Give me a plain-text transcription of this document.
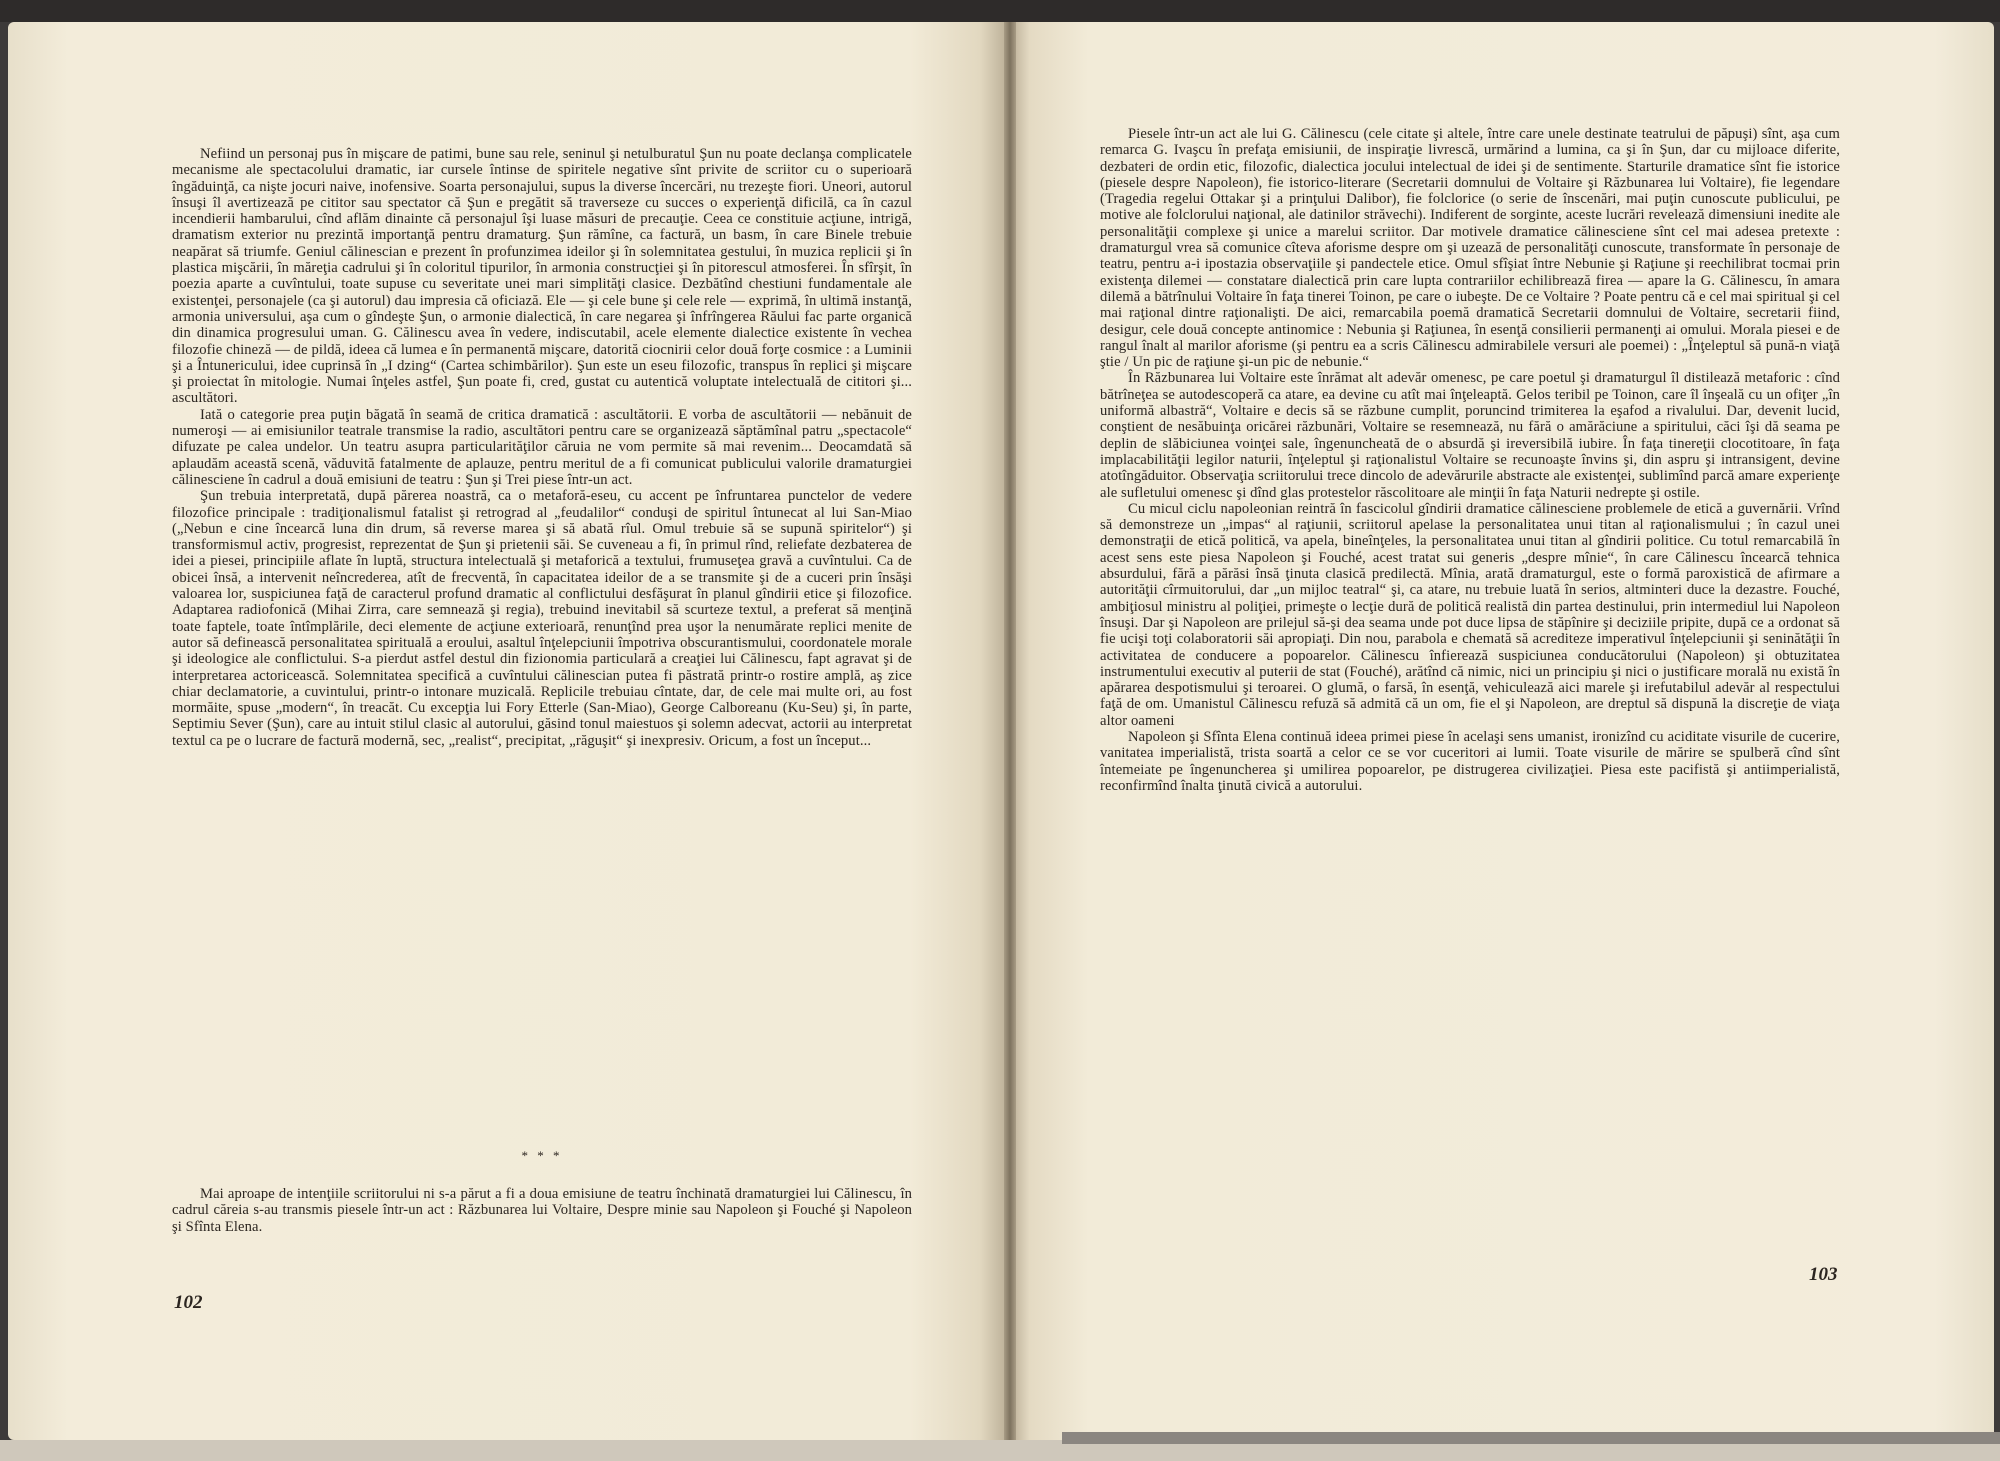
Nefiind un personaj pus în mişcare de patimi, bune sau rele, seninul şi netulburatul Şun nu poate declanşa complicatele mecanisme ale spectacolului dramatic, iar cursele întinse de spiritele negative sînt privite de scriitor cu o superioară îngăduinţă, ca nişte jocuri naive, inofensive. Soarta personajului, supus la diverse încercări, nu trezeşte fiori. Uneori, autorul însuşi îl avertizează pe cititor sau spectator că Şun e pregătit să traverseze cu succes o experienţă dificilă, ca în cazul incendierii hambarului, cînd aflăm dinainte că personajul îşi luase măsuri de precauţie. Ceea ce constituie acţiune, intrigă, dramatism exterior nu prezintă importanţă pentru dramaturg. Şun rămîne, ca factură, un basm, în care Binele trebuie neapărat să triumfe. Geniul călinescian e prezent în profunzimea ideilor şi în solemnitatea gestului, în muzica replicii şi în plastica mişcării, în măreţia cadrului şi în coloritul tipurilor, în armonia construcţiei şi în pitorescul atmosferei. În sfîrşit, în poezia aparte a cuvîntului, toate supuse cu severitate unei mari simplităţi clasice. Dezbătînd chestiuni fundamentale ale existenţei, personajele (ca şi autorul) dau impresia că oficiază. Ele — şi cele bune şi cele rele — exprimă, în ultimă instanţă, armonia universului, aşa cum o gîndeşte Şun, o armonie dialectică, în care negarea şi înfrîngerea Răului fac parte organică din dinamica progresului uman. G. Călinescu avea în vedere, indiscutabil, acele elemente dialectice existente în vechea filozofie chineză — de pildă, ideea că lumea e în permanentă mişcare, datorită ciocnirii celor două forţe cosmice : a Luminii şi a Întunericului, idee cuprinsă în „I dzing“ (Cartea schimbărilor). Şun este un eseu filozofic, transpus în replici şi mişcare şi proiectat în mitologie. Numai înţeles astfel, Şun poate fi, cred, gustat cu autentică voluptate intelectuală de cititori şi... ascultători.

Iată o categorie prea puţin băgată în seamă de critica dramatică : ascultătorii. E vorba de ascultătorii — nebănuit de numeroşi — ai emisiunilor teatrale transmise la radio, ascultători pentru care se organizează săptămînal patru „spectacole“ difuzate pe calea undelor. Un teatru asupra particularităţilor căruia ne vom permite să mai revenim... Deocamdată să aplaudăm această scenă, văduvită fatalmente de aplauze, pentru meritul de a fi comunicat publicului valorile dramaturgiei călinesciene în cadrul a două emisiuni de teatru : Şun şi Trei piese într-un act.

Şun trebuia interpretată, după părerea noastră, ca o metaforă-eseu, cu accent pe înfruntarea punctelor de vedere filozofice principale : tradiţionalismul fatalist şi retrograd al „feudalilor“ conduşi de spiritul întunecat al lui San-Miao („Nebun e cine încearcă luna din drum, să reverse marea şi să abată rîul. Omul trebuie să se supună spiritelor“) şi transformismul activ, progresist, reprezentat de Şun şi prietenii săi. Se cuveneau a fi, în primul rînd, reliefate dezbaterea de idei a piesei, principiile aflate în luptă, structura intelectuală şi metaforică a textului, frumuseţea gravă a cuvîntului. Ca de obicei însă, a intervenit neîncrederea, atît de frecventă, în capacitatea ideilor de a se transmite şi de a cuceri prin însăşi valoarea lor, suspiciunea faţă de caracterul profund dramatic al conflictului desfăşurat în planul gîndirii etice şi filozofice. Adaptarea radiofonică (Mihai Zirra, care semnează şi regia), trebuind inevitabil să scurteze textul, a preferat să menţină toate faptele, toate întîmplările, deci elemente de acţiune exterioară, renunţînd prea uşor la nenumărate replici menite de autor să definească personalitatea spirituală a eroului, asaltul înţelepciunii împotriva obscurantismului, coordonatele morale şi ideologice ale conflictului. S-a pierdut astfel destul din fizionomia particulară a creaţiei lui Călinescu, fapt agravat şi de interpretarea actoricească. Solemnitatea specifică a cuvîntului călinescian putea fi păstrată printr-o rostire amplă, aş zice chiar declamatorie, a cuvintului, printr-o intonare muzicală. Replicile trebuiau cîntate, dar, de cele mai multe ori, au fost mormăite, spuse „modern“, în treacăt. Cu excepţia lui Fory Etterle (San-Miao), George Calboreanu (Ku-Seu) şi, în parte, Septimiu Sever (Şun), care au intuit stilul clasic al autorului, găsind tonul maiestuos şi solemn adecvat, actorii au interpretat textul ca pe o lucrare de factură modernă, sec, „realist“, precipitat, „răguşit“ şi inexpresiv. Oricum, a fost un început...

* * *

Mai aproape de intenţiile scriitorului ni s-a părut a fi a doua emisiune de teatru închinată dramaturgiei lui Călinescu, în cadrul căreia s-au transmis piesele într-un act : Răzbunarea lui Voltaire, Despre minie sau Napoleon şi Fouché şi Napoleon şi Sfînta Elena.

102

Piesele într-un act ale lui G. Călinescu (cele citate şi altele, între care unele destinate teatrului de păpuşi) sînt, aşa cum remarca G. Ivaşcu în prefaţa emisiunii, de inspiraţie livrescă, urmărind a lumina, ca şi în Şun, dar cu mijloace diferite, dezbateri de ordin etic, filozofic, dialectica jocului intelectual de idei şi de sentimente. Starturile dramatice sînt fie istorice (piesele despre Napoleon), fie istorico-literare (Secretarii domnului de Voltaire şi Răzbunarea lui Voltaire), fie legendare (Tragedia regelui Ottakar şi a prinţului Dalibor), fie folclorice (o serie de înscenări, mai puţin cunoscute publicului, pe motive ale folclorului naţional, ale datinilor străvechi). Indiferent de sorginte, aceste lucrări revelează dimensiuni inedite ale personalităţii complexe şi unice a marelui scriitor. Dar motivele dramatice călinesciene sînt cel mai adesea pretexte : dramaturgul vrea să comunice cîteva aforisme despre om şi uzează de personalităţi cunoscute, transformate în personaje de teatru, pentru a-i ipostazia observaţiile şi pandectele etice. Omul sfîşiat între Nebunie şi Raţiune şi reechilibrat tocmai prin existenţa dilemei — constatare dialectică prin care lupta contrariilor echilibrează firea — apare la G. Călinescu, în amara dilemă a bătrînului Voltaire în faţa tinerei Toinon, pe care o iubeşte. De ce Voltaire ? Poate pentru că e cel mai spiritual şi cel mai raţional dintre raţionalişti. De aici, remarcabila poemă dramatică Secretarii domnului de Voltaire, secretarii fiind, desigur, cele două concepte antinomice : Nebunia şi Raţiunea, în esenţă consilierii permanenţi ai omului. Morala piesei e de rangul înalt al marilor aforisme (şi pentru ea a scris Călinescu admirabilele versuri ale poemei) : „Înţeleptul să pună-n viaţă ştie / Un pic de raţiune şi-un pic de nebunie.“

În Răzbunarea lui Voltaire este înrămat alt adevăr omenesc, pe care poetul şi dramaturgul îl distilează metaforic : cînd bătrîneţea se autodescoperă ca atare, ea devine cu atît mai înţeleaptă. Gelos teribil pe Toinon, care îl înşeală cu un ofiţer „în uniformă albastră“, Voltaire e decis să se răzbune cumplit, poruncind trimiterea la eşafod a rivalului. Dar, devenit lucid, conştient de nesăbuinţa oricărei răzbunări, Voltaire se resemnează, nu fără o amărăciune a spiritului, căci îşi dă seama pe deplin de slăbiciunea voinţei sale, îngenuncheată de o absurdă şi ireversibilă iubire. În faţa tinereţii clocotitoare, în faţa implacabilităţii legilor naturii, înţeleptul şi raţionalistul Voltaire se recunoaşte învins şi, din aspru şi intransigent, devine atotîngăduitor. Observaţia scriitorului trece dincolo de adevărurile abstracte ale existenţei, sublimînd parcă amare experienţe ale sufletului omenesc şi dînd glas protestelor răscolitoare ale minţii în faţa Naturii nedrepte şi ostile.

Cu micul ciclu napoleonian reintră în fascicolul gîndirii dramatice călinesciene problemele de etică a guvernării. Vrînd să demonstreze un „impas“ al raţiunii, scriitorul apelase la personalitatea unui titan al raţionalismului ; în cazul unei demonstraţii de etică politică, va apela, bineînţeles, la personalitatea unui titan al gîndirii politice. Cu totul remarcabilă în acest sens este piesa Napoleon şi Fouché, acest tratat sui generis „despre mînie“, în care Călinescu încearcă tehnica absurdului, fără a părăsi însă ţinuta clasică predilectă. Mînia, arată dramaturgul, este o formă paroxistică de afirmare a autorităţii cîrmuitorului, dar „un mijloc teatral“ şi, ca atare, nu trebuie luată în serios, altminteri duce la dezastre. Fouché, ambiţiosul ministru al poliţiei, primeşte o lecţie dură de politică realistă din partea destinului, prin intermediul lui Napoleon însuşi. Dar şi Napoleon are prilejul să-şi dea seama unde pot duce lipsa de stăpînire şi deciziile pripite, după ce a ordonat să fie ucişi toţi colaboratorii săi apropiaţi. Din nou, parabola e chemată să acrediteze imperativul înţelepciunii şi seninătăţii în activitatea de conducere a popoarelor. Călinescu înfierează suspiciunea conducătorului (Napoleon) şi obtuzitatea instrumentului executiv al puterii de stat (Fouché), arătînd că nimic, nici un principiu şi nici o justificare morală nu există în apărarea despotismului şi teroarei. O glumă, o farsă, în esenţă, vehiculează aici marele şi irefutabilul adevăr al respectului faţă de om. Umanistul Călinescu refuză să admită că un om, fie el şi Napoleon, are dreptul să dispună la discreţie de viaţa altor oameni

Napoleon şi Sfînta Elena continuă ideea primei piese în acelaşi sens umanist, ironizînd cu aciditate visurile de cucerire, vanitatea imperialistă, trista soartă a celor ce se vor cuceritori ai lumii. Toate visurile de mărire se spulberă cînd sînt întemeiate pe îngenuncherea şi umilirea popoarelor, pe distrugerea civilizaţiei. Piesa este pacifistă şi antiimperialistă, reconfirmînd înalta ţinută civică a autorului.

103
